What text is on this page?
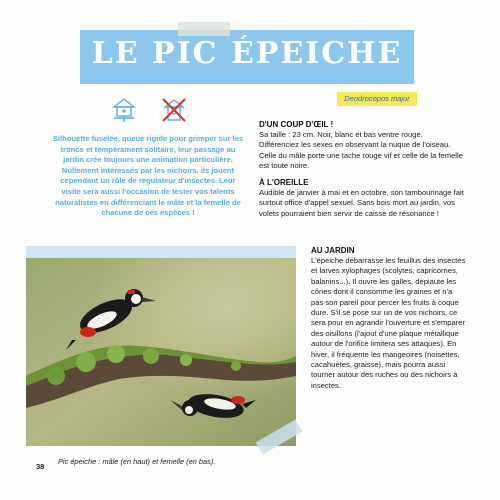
LE PIC ÉPEICHE
Dendrocopos major

Silhouette fuselée, queue rigide pour grimper sur les troncs et tempérament solitaire, leur passage au jardin crée toujours une animation particulière. Nullement intéressés par les nichoirs, ils jouent cependant un rôle de régulateur d'insectes. Leur visite sera aussi l'occasion de tester vos talents naturalistes en différenciant le mâle et la femelle de chacune de ces espèces !

D'UN COUP D'ŒIL !

Sa taille : 23 cm. Noir, blanc et bas ventre rouge. Différenciez les sexes en observant la nuque de l'oiseau. Celle du mâle porte une tache rouge vif et celle de la femelle est toute noire.

À L'OREILLE

Audible de janvier à mai et en octobre, son tambourinage fait surtout office d'appel sexuel. Sans bois mort au jardin, vos volets pourraient bien servir de caisse de résonance !

AU JARDIN

L'épeiche débarrasse les feuillus des insectes et larves xylophages (scolytes, capricornes, balanins...). Il ouvre les galles, dépiaute les cônes dont il consomme les graines et n'a pas son pareil pour percer les fruits à coque dure. S'il se pose sur un de vos nichoirs, ce sera pour en agrandir l'ouverture et s'emparer des oisillons (l'ajout d'une plaque métallique autour de l'orifice limitera ses attaques). En hiver, il fréquente les mangeoires (noisettes, cacahuètes, graisse), mais pourra aussi tourner autour des ruches ou des nichoirs à insectes.

38
Pic épeiche : mâle (en haut) et femelle (en bas).
